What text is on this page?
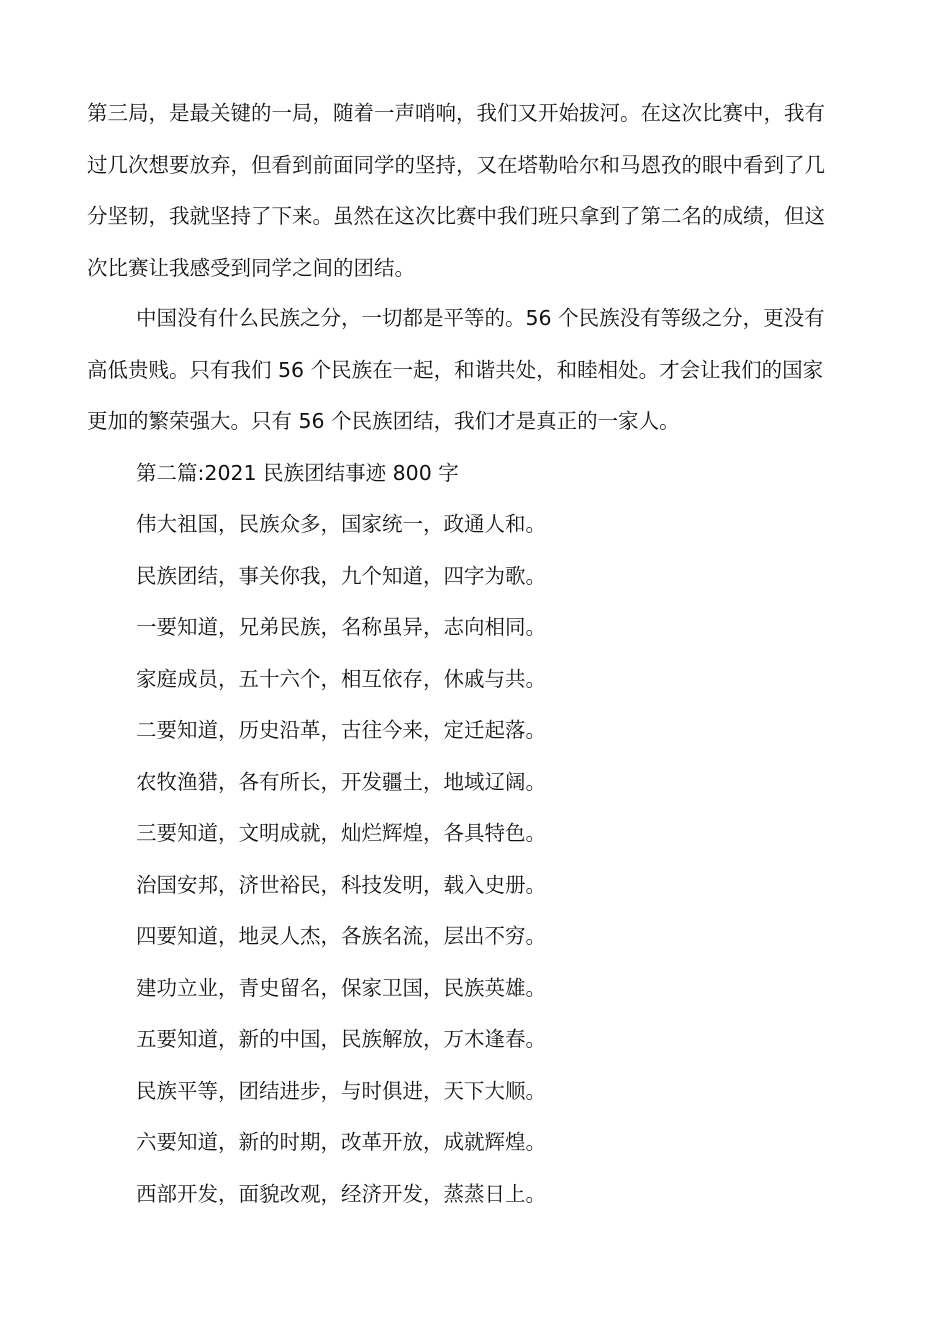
第三局，是最关键的一局，随着一声哨响，我们又开始拔河。在这次比赛中，我有
过几次想要放弃，但看到前面同学的坚持，又在塔勒哈尔和马恩孜的眼中看到了几
分坚韧，我就坚持了下来。虽然在这次比赛中我们班只拿到了第二名的成绩，但这
次比赛让我感受到同学之间的团结。

中国没有什么民族之分，一切都是平等的。56 个民族没有等级之分，更没有
高低贵贱。只有我们 56 个民族在一起，和谐共处，和睦相处。才会让我们的国家
更加的繁荣强大。只有 56 个民族团结，我们才是真正的一家人。

第二篇:2021 民族团结事迹 800 字

伟大祖国，民族众多，国家统一，政通人和。
民族团结，事关你我，九个知道，四字为歌。
一要知道，兄弟民族，名称虽异，志向相同。
家庭成员，五十六个，相互依存，休戚与共。
二要知道，历史沿革，古往今来，定迁起落。
农牧渔猎，各有所长，开发疆土，地域辽阔。
三要知道，文明成就，灿烂辉煌，各具特色。
治国安邦，济世裕民，科技发明，载入史册。
四要知道，地灵人杰，各族名流，层出不穷。
建功立业，青史留名，保家卫国，民族英雄。
五要知道，新的中国，民族解放，万木逢春。
民族平等，团结进步，与时俱进，天下大顺。
六要知道，新的时期，改革开放，成就辉煌。
西部开发，面貌改观，经济开发，蒸蒸日上。
